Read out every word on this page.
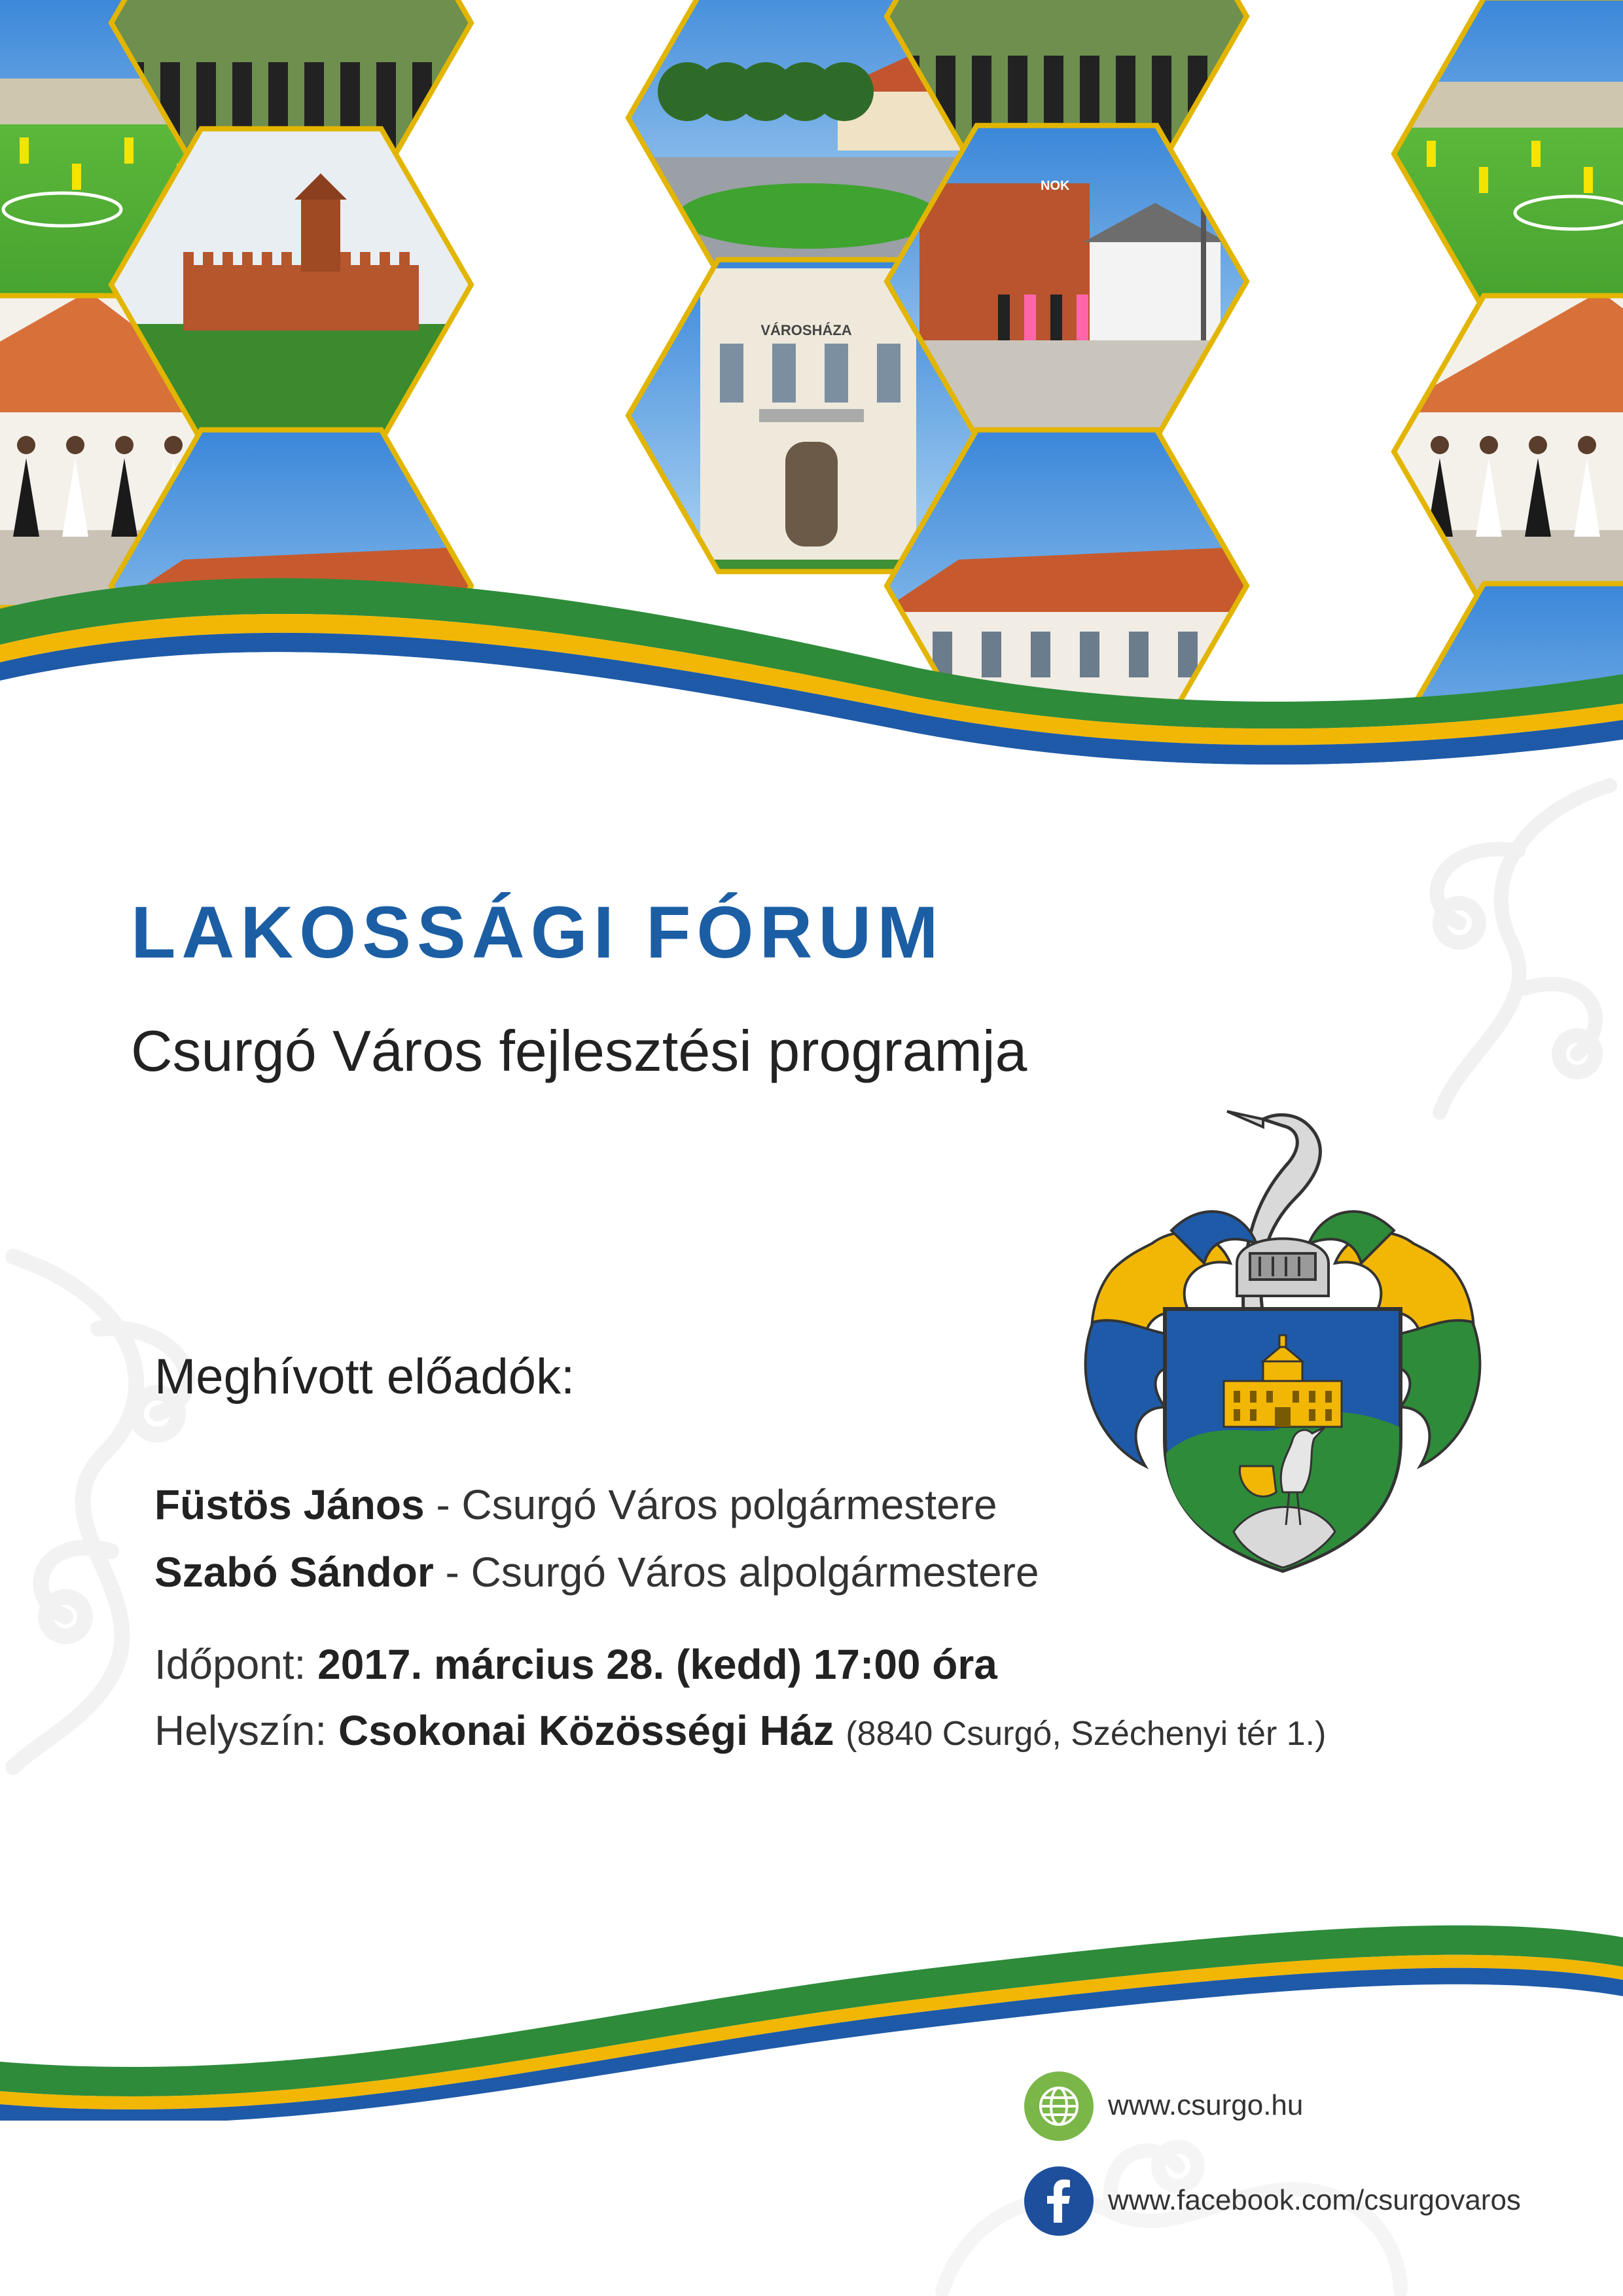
VÁROSHÁZA
NOK
LAKOSSÁGI FÓRUM
Csurgó Város fejlesztési programja
Meghívott előadók:
Füstös János - Csurgó Város polgármestere
Szabó Sándor - Csurgó Város alpolgármestere
Időpont: 2017. március 28. (kedd) 17:00 óra
Helyszín: Csokonai Közösségi Ház (8840 Csurgó, Széchenyi tér 1.)
www.csurgo.hu
www.facebook.com/csurgovaros
